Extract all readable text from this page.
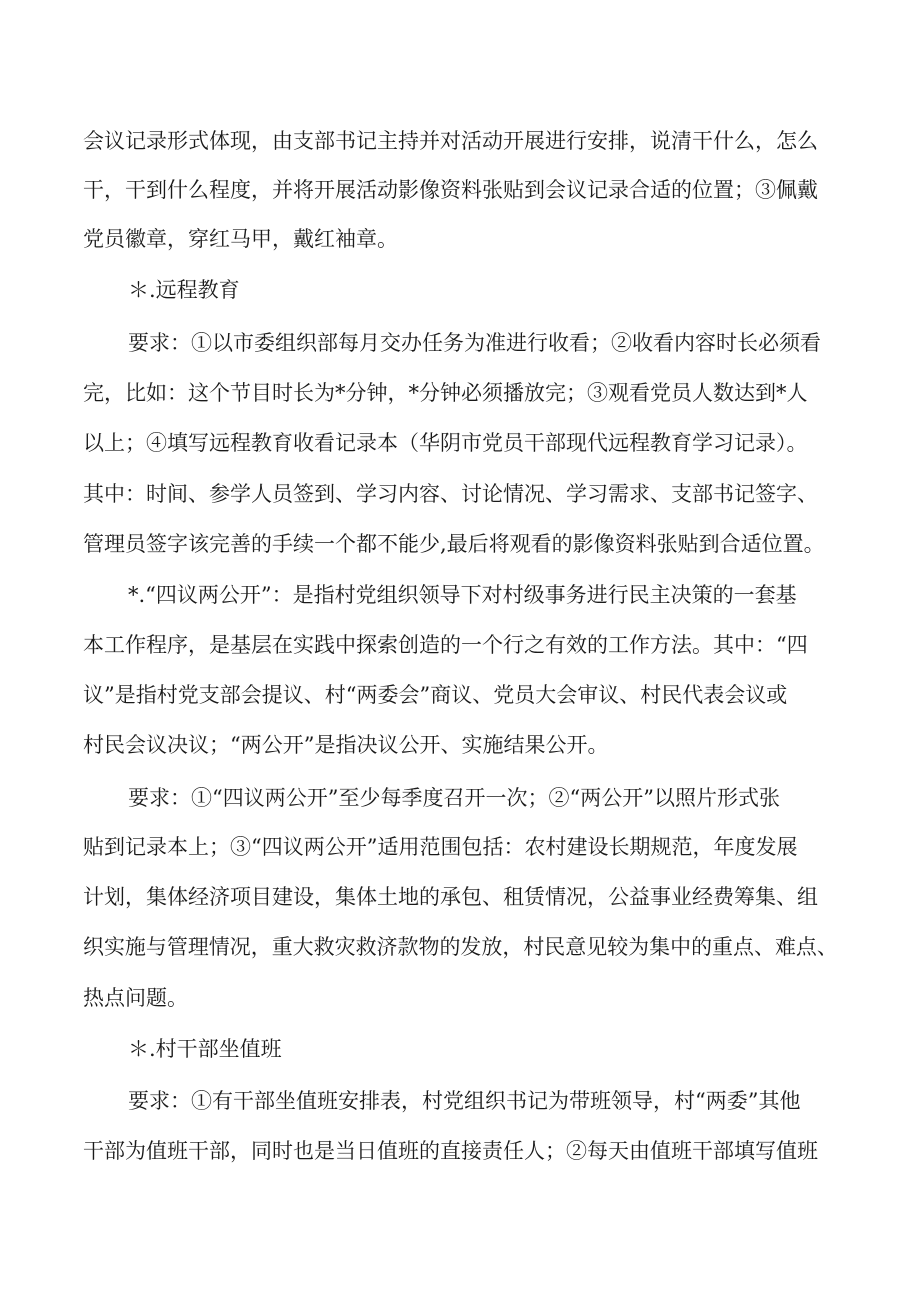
会议记录形式体现，由支部书记主持并对活动开展进行安排，说清干什么，怎么
干，干到什么程度，并将开展活动影像资料张贴到会议记录合适的位置；③佩戴
党员徽章，穿红马甲，戴红袖章。
＊.远程教育
要求：①以市委组织部每月交办任务为准进行收看；②收看内容时长必须看
完，比如：这个节目时长为*分钟，*分钟必须播放完；③观看党员人数达到*人
以上；④填写远程教育收看记录本（华阴市党员干部现代远程教育学习记录）。
其中：时间、参学人员签到、学习内容、讨论情况、学习需求、支部书记签字、
管理员签字该完善的手续一个都不能少,最后将观看的影像资料张贴到合适位置。
*.“四议两公开”：是指村党组织领导下对村级事务进行民主决策的一套基
本工作程序，是基层在实践中探索创造的一个行之有效的工作方法。其中：“四
议”是指村党支部会提议、村“两委会”商议、党员大会审议、村民代表会议或
村民会议决议；“两公开”是指决议公开、实施结果公开。
要求：①“四议两公开”至少每季度召开一次；②“两公开”以照片形式张
贴到记录本上；③“四议两公开”适用范围包括：农村建设长期规范，年度发展
计划，集体经济项目建设，集体土地的承包、租赁情况，公益事业经费筹集、组
织实施与管理情况，重大救灾救济款物的发放，村民意见较为集中的重点、难点、
热点问题。
＊.村干部坐值班
要求：①有干部坐值班安排表，村党组织书记为带班领导，村“两委”其他
干部为值班干部，同时也是当日值班的直接责任人；②每天由值班干部填写值班
